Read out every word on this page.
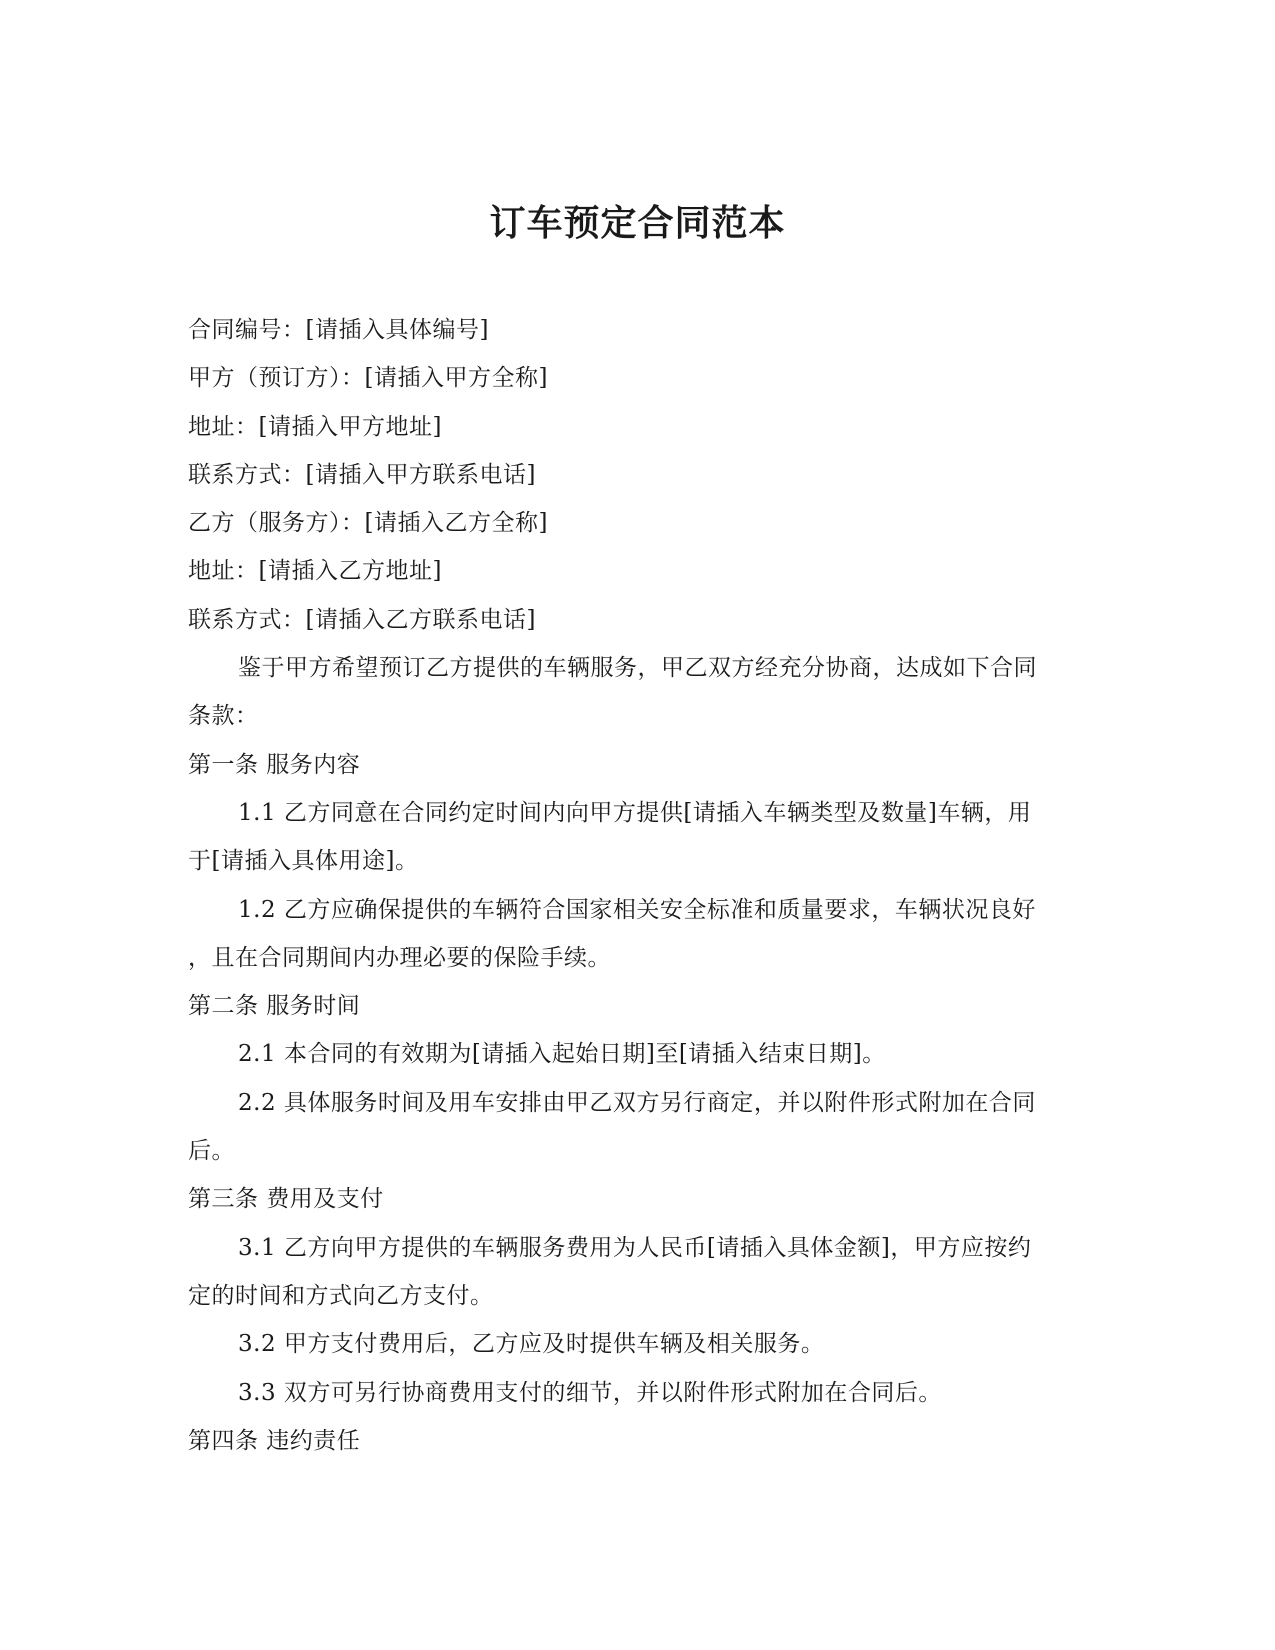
订车预定合同范本

合同编号：[请插入具体编号]

甲方（预订方）：[请插入甲方全称]

地址：[请插入甲方地址]

联系方式：[请插入甲方联系电话]

乙方（服务方）：[请插入乙方全称]

地址：[请插入乙方地址]

联系方式：[请插入乙方联系电话]

鉴于甲方希望预订乙方提供的车辆服务，甲乙双方经充分协商，达成如下合同

条款：

第一条 服务内容

1.1 乙方同意在合同约定时间内向甲方提供[请插入车辆类型及数量]车辆，用

于[请插入具体用途]。

1.2 乙方应确保提供的车辆符合国家相关安全标准和质量要求，车辆状况良好

，且在合同期间内办理必要的保险手续。

第二条 服务时间

2.1 本合同的有效期为[请插入起始日期]至[请插入结束日期]。

2.2 具体服务时间及用车安排由甲乙双方另行商定，并以附件形式附加在合同

后。

第三条 费用及支付

3.1 乙方向甲方提供的车辆服务费用为人民币[请插入具体金额]，甲方应按约

定的时间和方式向乙方支付。

3.2 甲方支付费用后，乙方应及时提供车辆及相关服务。

3.3 双方可另行协商费用支付的细节，并以附件形式附加在合同后。

第四条 违约责任
